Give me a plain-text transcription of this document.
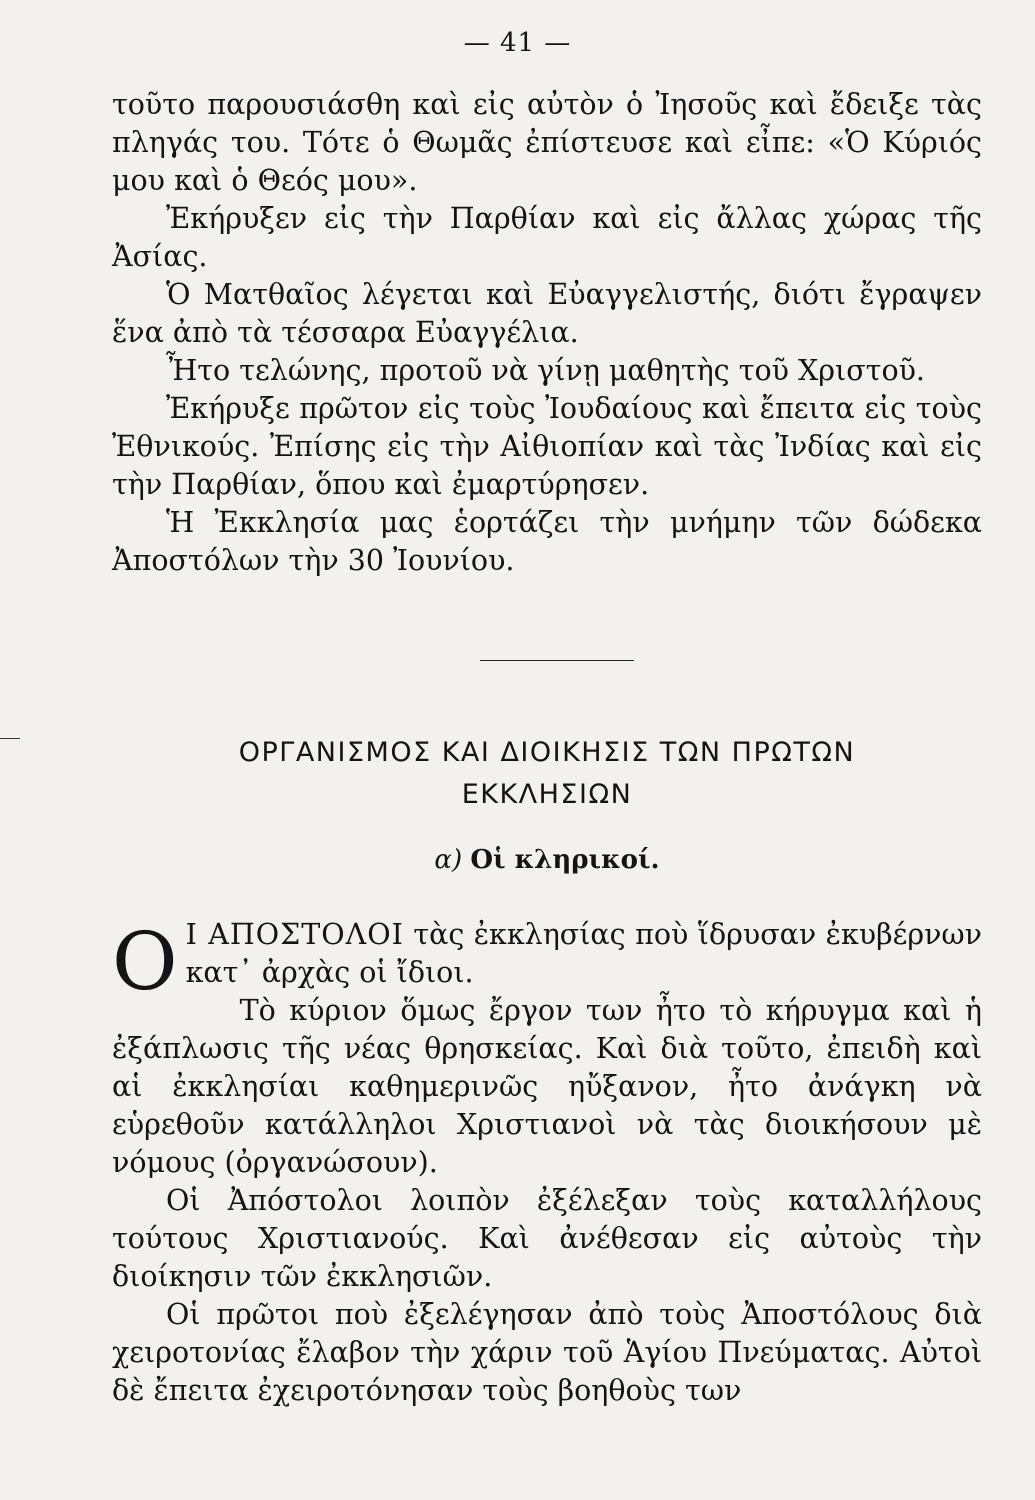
— 41 —

τοῦτο παρουσιάσθη καὶ εἰς αὐτὸν ὁ Ἰησοῦς καὶ ἔδειξε τὰς πληγάς του. Τότε ὁ Θωμᾶς ἐπίστευσε καὶ εἶπε: «Ὁ Κύριός μου καὶ ὁ Θεός μου».

Ἐκήρυξεν εἰς τὴν Παρθίαν καὶ εἰς ἄλλας χώρας τῆς Ἀσίας.

Ὁ Ματθαῖος λέγεται καὶ Εὐαγγελιστής, διότι ἔγραψεν ἕνα ἀπὸ τὰ τέσσαρα Εὐαγγέλια.

Ἦτο τελώνης, προτοῦ νὰ γίνῃ μαθητὴς τοῦ Χριστοῦ.

Ἐκήρυξε πρῶτον εἰς τοὺς Ἰουδαίους καὶ ἔπειτα εἰς τοὺς Ἐθνικούς. Ἐπίσης εἰς τὴν Αἰθιοπίαν καὶ τὰς Ἰνδίας καὶ εἰς τὴν Παρθίαν, ὅπου καὶ ἐμαρτύρησεν.

Ἡ Ἐκκλησία μας ἑορτάζει τὴν μνήμην τῶν δώδεκα Ἀποστόλων τὴν 30 Ἰουνίου.

ΟΡΓΑΝΙΣΜΟΣ ΚΑΙ ΔΙΟΙΚΗΣΙΣ ΤΩΝ ΠΡΩΤΩΝ
ΕΚΚΛΗΣΙΩΝ
α) Οἱ κληρικοί.

Ο Ι ΑΠΟΣΤΟΛΟΙ τὰς ἐκκλησίας ποὺ ἵδρυσαν ἐκυβέρνων κατ᾿ ἀρχὰς οἱ ἴδιοι.

Τὸ κύριον ὅμως ἔργον των ἦτο τὸ κήρυγμα καὶ ἡ ἐξάπλωσις τῆς νέας θρησκείας. Καὶ διὰ τοῦτο, ἐπειδὴ καὶ αἱ ἐκκλησίαι καθημερινῶς ηὔξανον, ἦτο ἀνάγκη νὰ εὑρεθοῦν κατάλληλοι Χριστιανοὶ νὰ τὰς διοικήσουν μὲ νόμους (ὀργανώσουν).

Οἱ Ἀπόστολοι λοιπὸν ἐξέλεξαν τοὺς καταλλήλους τούτους Χριστιανούς. Καὶ ἀνέθεσαν εἰς αὐτοὺς τὴν διοίκησιν τῶν ἐκκλησιῶν.

Οἱ πρῶτοι ποὺ ἐξελέγησαν ἀπὸ τοὺς Ἀποστόλους διὰ χειροτονίας ἔλαβον τὴν χάριν τοῦ Ἁγίου Πνεύματας. Αὐτοὶ δὲ ἔπειτα ἐχειροτόνησαν τοὺς βοηθοὺς των
